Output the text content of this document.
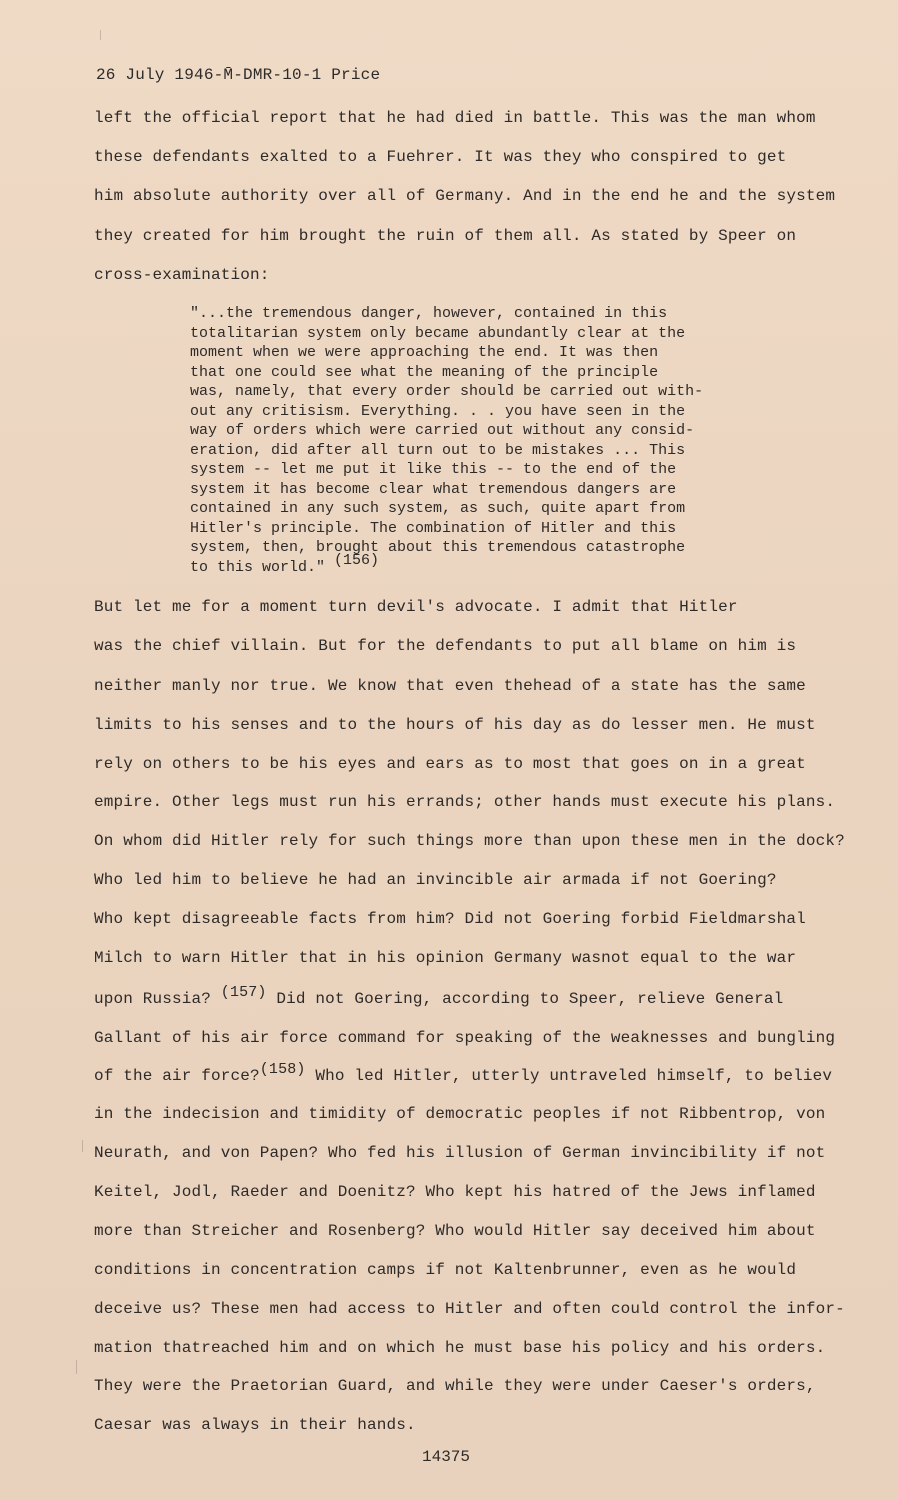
26 July 1946-M̄-DMR-10-1 Price
left the official report that he had died in battle. This was the man whom
these defendants exalted to a Fuehrer. It was they who conspired to get
him absolute authority over all of Germany. And in the end he and the system
they created for him brought the ruin of them all. As stated by Speer on
cross-examination:
"...the tremendous danger, however, contained in this
totalitarian system only became abundantly clear at the
moment when we were approaching the end. It was then
that one could see what the meaning of the principle
was, namely, that every order should be carried out with-
out any critisism. Everything. . . you have seen in the
way of orders which were carried out without any consid-
eration, did after all turn out to be mistakes ... This
system -- let me put it like this -- to the end of the
system it has become clear what tremendous dangers are
contained in any such system, as such, quite apart from
Hitler's principle. The combination of Hitler and this
system, then, brought about this tremendous catastrophe
to this world." $^{(156)}$
But let me for a moment turn devil's advocate. I admit that Hitler
was the chief villain. But for the defendants to put all blame on him is
neither manly nor true. We know that even thehead of a state has the same
limits to his senses and to the hours of his day as do lesser men. He must
rely on others to be his eyes and ears as to most that goes on in a great
empire. Other legs must run his errands; other hands must execute his plans.
On whom did Hitler rely for such things more than upon these men in the dock?
Who led him to believe he had an invincible air armada if not Goering?
Who kept disagreeable facts from him? Did not Goering forbid Fieldmarshal
Milch to warn Hitler that in his opinion Germany wasnot equal to the war
upon Russia? $^{(157)}$ Did not Goering, according to Speer, relieve General
Gallant of his air force command for speaking of the weaknesses and bungling
of the air force?$^{(158)}$ Who led Hitler, utterly untraveled himself, to believ
in the indecision and timidity of democratic peoples if not Ribbentrop, von
Neurath, and von Papen? Who fed his illusion of German invincibility if not
Keitel, Jodl, Raeder and Doenitz? Who kept his hatred of the Jews inflamed
more than Streicher and Rosenberg? Who would Hitler say deceived him about
conditions in concentration camps if not Kaltenbrunner, even as he would
deceive us? These men had access to Hitler and often could control the infor-
mation thatreached him and on which he must base his policy and his orders.
They were the Praetorian Guard, and while they were under Caeser's orders,
Caesar was always in their hands.
14375
